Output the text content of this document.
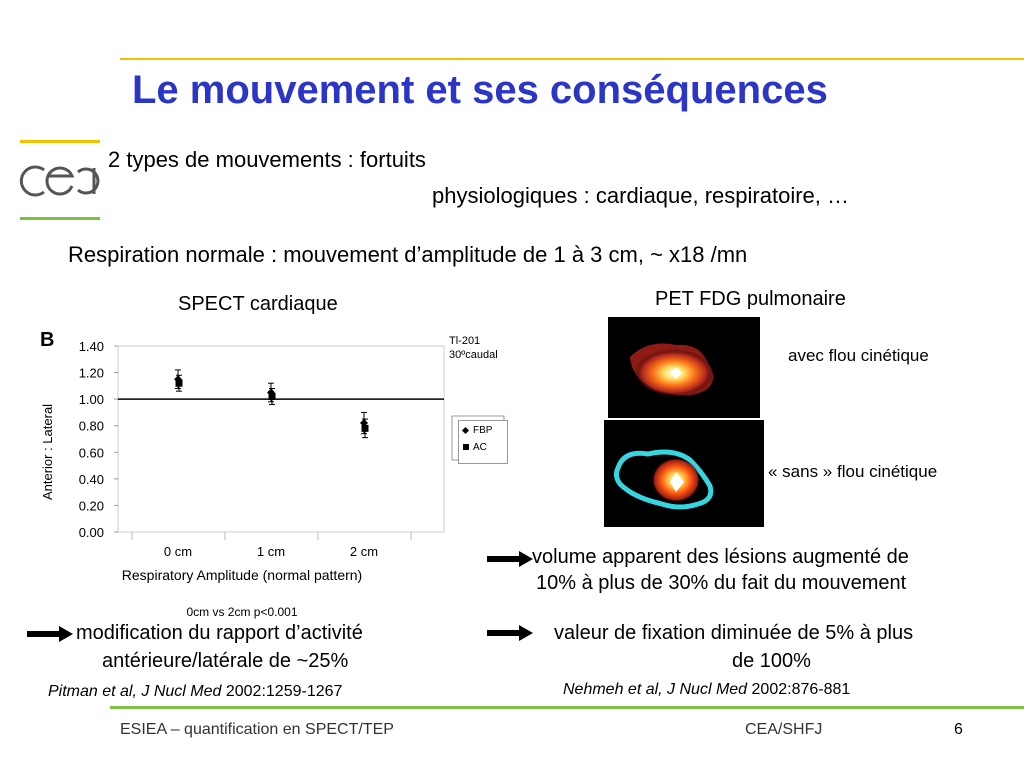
Le mouvement et ses conséquences
2 types de mouvements : fortuits
physiologiques : cardiaque, respiratoire, …
Respiration normale : mouvement d’amplitude de 1 à 3 cm, ~ x18 /mn
SPECT cardiaque	PET FDG pulmonaire
B	Tl-201
30ºcaudal
1.40
1.20
1.00
0.80
0.60
0.40
0.20
0.00
0 cm	1 cm	2 cm
Anterior : Lateral
Respiratory Amplitude (normal pattern)
0cm vs 2cm p<0.001
FBP
AC
avec flou cinétique
« sans » flou cinétique
volume apparent des lésions augmenté de
10% à plus de 30% du fait du mouvement
valeur de fixation diminuée de 5% à plus
de 100%
Nehmeh et al, J Nucl Med 2002:876-881
modification du rapport d’activité
antérieure/latérale de ~25%
Pitman et al, J Nucl Med 2002:1259-1267
ESIEA – quantification en SPECT/TEP	CEA/SHFJ	6
